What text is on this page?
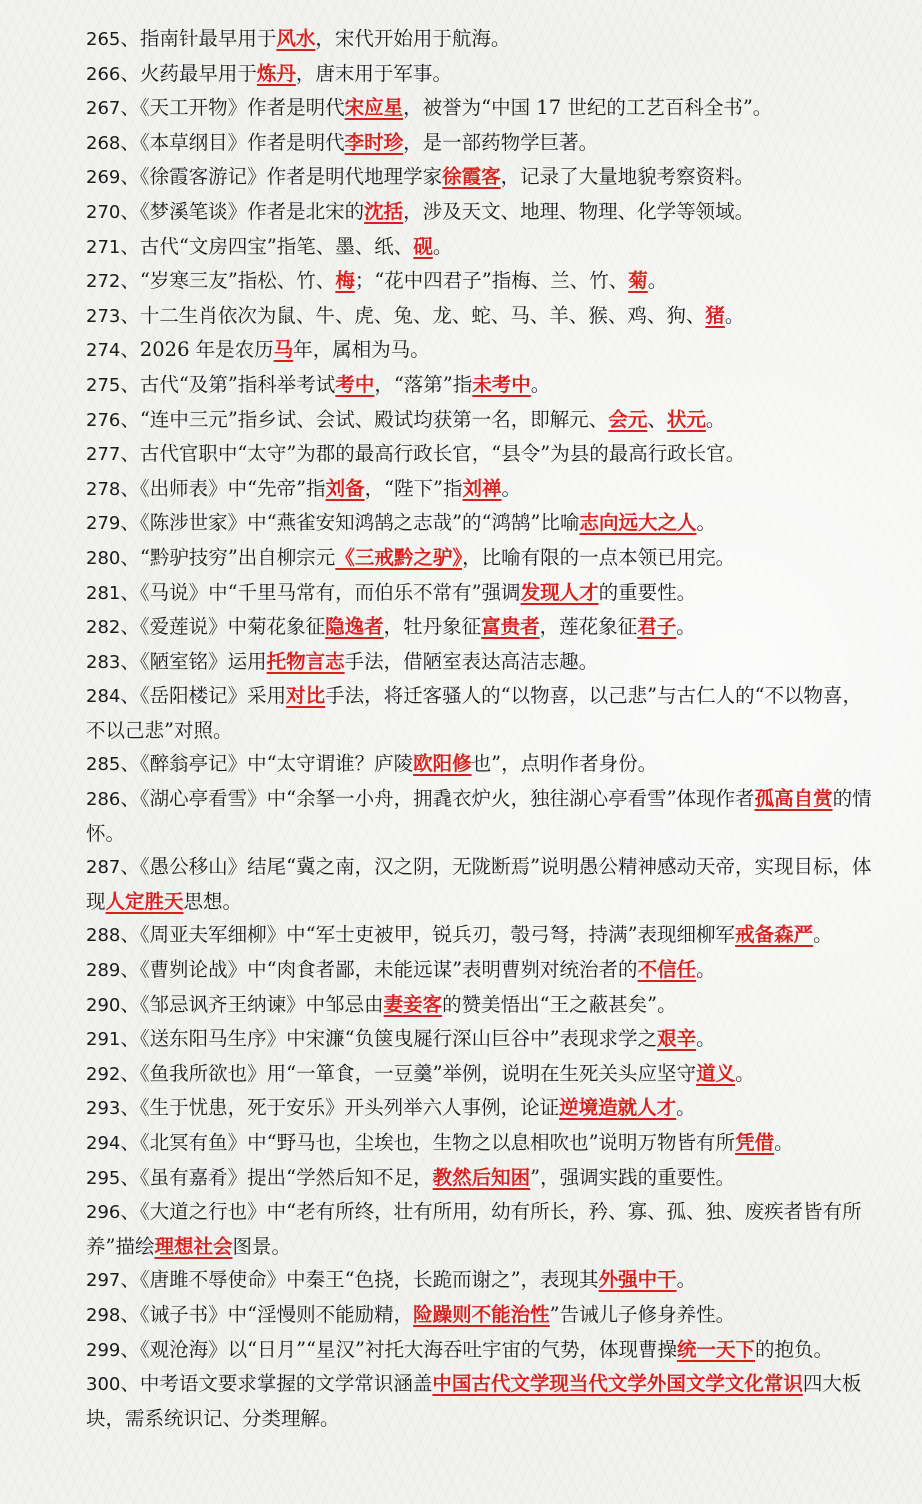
265、指南针最早用于风水，宋代开始用于航海。
266、火药最早用于炼丹，唐末用于军事。
267、《天工开物》作者是明代宋应星，被誉为“中国 17 世纪的工艺百科全书”。
268、《本草纲目》作者是明代李时珍，是一部药物学巨著。
269、《徐霞客游记》作者是明代地理学家徐霞客，记录了大量地貌考察资料。
270、《梦溪笔谈》作者是北宋的沈括，涉及天文、地理、物理、化学等领域。
271、古代“文房四宝”指笔、墨、纸、砚。
272、“岁寒三友”指松、竹、梅；“花中四君子”指梅、兰、竹、菊。
273、十二生肖依次为鼠、牛、虎、兔、龙、蛇、马、羊、猴、鸡、狗、猪。
274、2026 年是农历马年，属相为马。
275、古代“及第”指科举考试考中，“落第”指未考中。
276、“连中三元”指乡试、会试、殿试均获第一名，即解元、会元、状元。
277、古代官职中“太守”为郡的最高行政长官，“县令”为县的最高行政长官。
278、《出师表》中“先帝”指刘备，“陛下”指刘禅。
279、《陈涉世家》中“燕雀安知鸿鹄之志哉”的“鸿鹄”比喻志向远大之人。
280、“黔驴技穷”出自柳宗元《三戒黔之驴》，比喻有限的一点本领已用完。
281、《马说》中“千里马常有，而伯乐不常有”强调发现人才的重要性。
282、《爱莲说》中菊花象征隐逸者，牡丹象征富贵者，莲花象征君子。
283、《陋室铭》运用托物言志手法，借陋室表达高洁志趣。
284、《岳阳楼记》采用对比手法，将迁客骚人的“以物喜，以己悲”与古仁人的“不以物喜，不以己悲”对照。
285、《醉翁亭记》中“太守谓谁？庐陵欧阳修也”，点明作者身份。
286、《湖心亭看雪》中“余拏一小舟，拥毳衣炉火，独往湖心亭看雪”体现作者孤高自赏的情怀。
287、《愚公移山》结尾“冀之南，汉之阴，无陇断焉”说明愚公精神感动天帝，实现目标，体现人定胜天思想。
288、《周亚夫军细柳》中“军士吏被甲，锐兵刃，彀弓弩，持满”表现细柳军戒备森严。
289、《曹刿论战》中“肉食者鄙，未能远谋”表明曹刿对统治者的不信任。
290、《邹忌讽齐王纳谏》中邹忌由妻妾客的赞美悟出“王之蔽甚矣”。
291、《送东阳马生序》中宋濂“负箧曳屣行深山巨谷中”表现求学之艰辛。
292、《鱼我所欲也》用“一箪食，一豆羹”举例，说明在生死关头应坚守道义。
293、《生于忧患，死于安乐》开头列举六人事例，论证逆境造就人才。
294、《北冥有鱼》中“野马也，尘埃也，生物之以息相吹也”说明万物皆有所凭借。
295、《虽有嘉肴》提出“学然后知不足，教然后知困”，强调实践的重要性。
296、《大道之行也》中“老有所终，壮有所用，幼有所长，矜、寡、孤、独、废疾者皆有所养”描绘理想社会图景。
297、《唐雎不辱使命》中秦王“色挠，长跪而谢之”，表现其外强中干。
298、《诫子书》中“淫慢则不能励精，险躁则不能治性”告诫儿子修身养性。
299、《观沧海》以“日月”“星汉”衬托大海吞吐宇宙的气势，体现曹操统一天下的抱负。
300、中考语文要求掌握的文学常识涵盖中国古代文学现当代文学外国文学文化常识四大板块，需系统识记、分类理解。
